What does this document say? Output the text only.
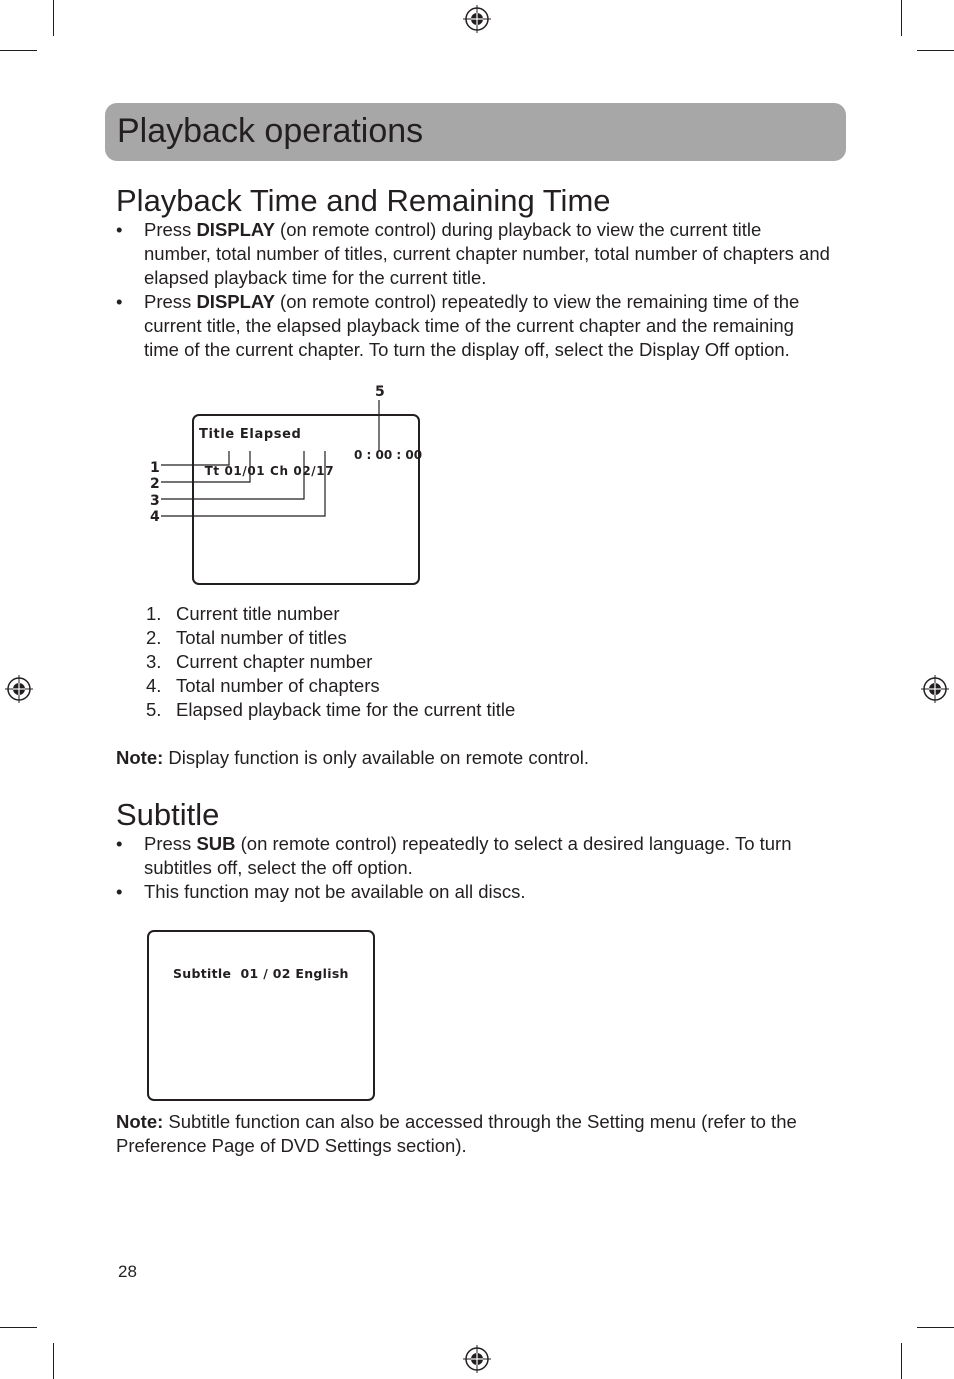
Playback operations
Playback Time and Remaining Time
• Press DISPLAY (on remote control) during playback to view the current title number, total number of titles, current chapter number, total number of chapters and elapsed playback time for the current title.
• Press DISPLAY (on remote control) repeatedly to view the remaining time of the current title, the elapsed playback time of the current chapter and the remaining time of the current chapter. To turn the display off, select the Display Off option.
Title Elapsed

Tt 01/01 Ch 02/17

0 : 00 : 00
1
2
3
4
5
1. Current title number
2. Total number of titles
3. Current chapter number
4. Total number of chapters
5. Elapsed playback time for the current title
Note: Display function is only available on remote control.
Subtitle
• Press SUB (on remote control) repeatedly to select a desired language. To turn subtitles off, select the off option.
• This function may not be available on all discs.
Subtitle  01 / 02 English
Note: Subtitle function can also be accessed through the Setting menu (refer to the Preference Page of DVD Settings section).
28
